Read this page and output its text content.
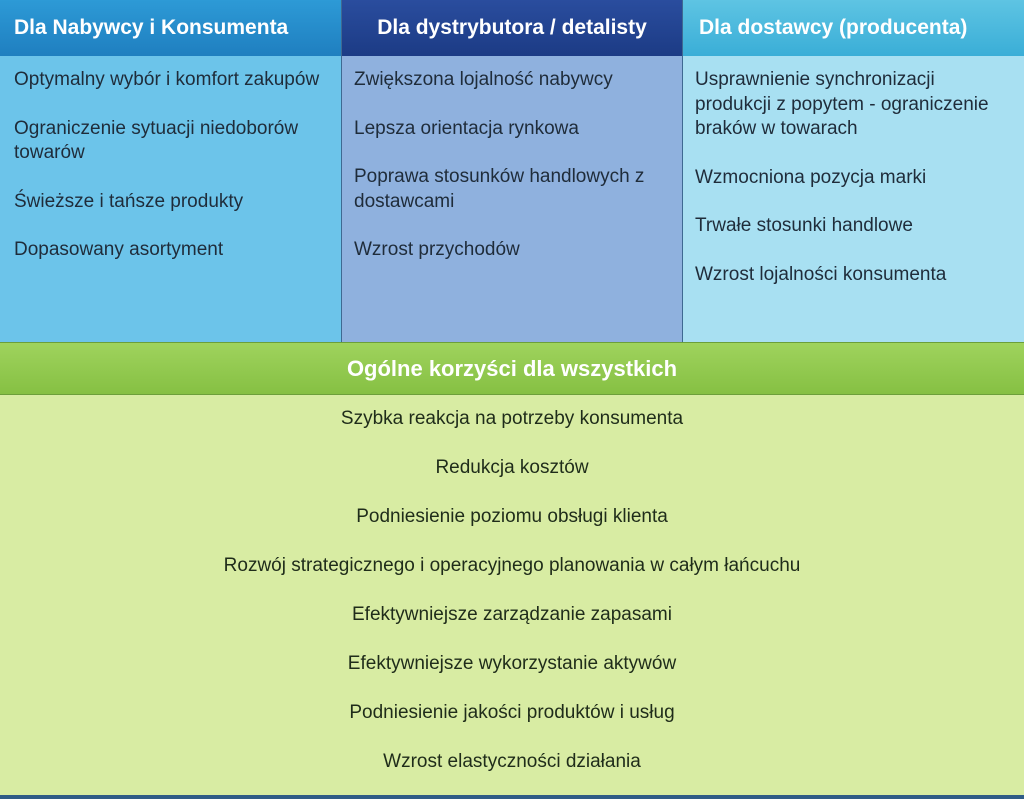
Dla Nabywcy i Konsumenta
Optymalny wybór i komfort zakupów
Ograniczenie sytuacji niedoborów towarów
Świeższe i tańsze produkty
Dopasowany asortyment
Dla dystrybutora / detalisty
Zwiększona lojalność nabywcy
Lepsza orientacja rynkowa
Poprawa stosunków handlowych z dostawcami
Wzrost przychodów
Dla dostawcy (producenta)
Usprawnienie synchronizacji produkcji z popytem - ograniczenie braków w towarach
Wzmocniona pozycja marki
Trwałe stosunki handlowe
Wzrost lojalności konsumenta
Ogólne korzyści dla wszystkich
Szybka reakcja na potrzeby konsumenta
Redukcja kosztów
Podniesienie poziomu obsługi klienta
Rozwój strategicznego i operacyjnego planowania w całym łańcuchu
Efektywniejsze zarządzanie zapasami
Efektywniejsze wykorzystanie aktywów
Podniesienie jakości produktów i usług
Wzrost elastyczności działania
